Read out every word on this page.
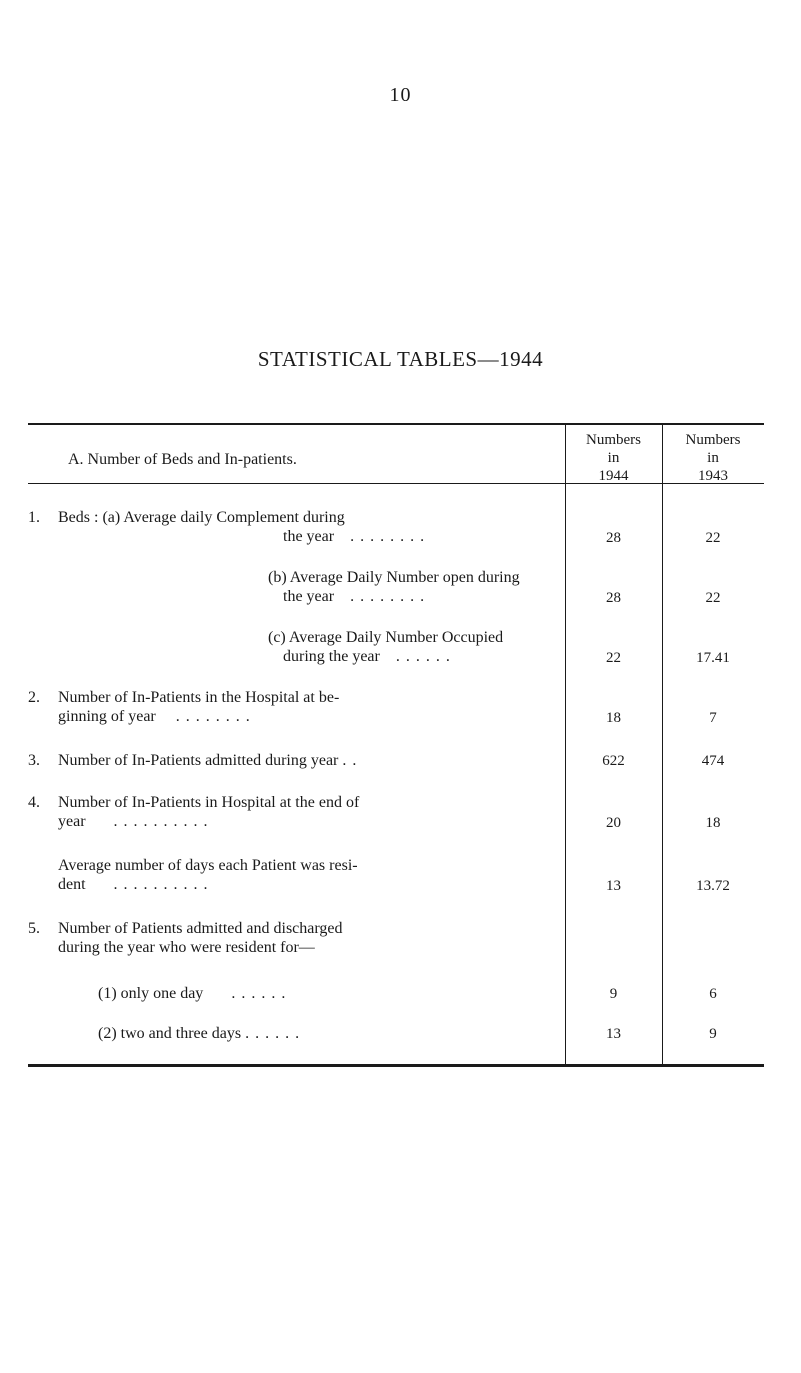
10
STATISTICAL TABLES—1944
A. Number of Beds and In-patients.
Numbers
in
1944
Numbers
in
1943
1. Beds : (a) Average daily Complement during
the year . . . . . . . .	28	22
(b) Average Daily Number open during
the year . . . . . . . .	28	22
(c) Average Daily Number Occupied
during the year . . . . . .	22	17.41
2. Number of In-Patients in the Hospital at be-
ginning of year . . . . . . . .	18	7
3. Number of In-Patients admitted during year . .	622	474
4. Number of In-Patients in Hospital at the end of
year . . . . . . . . . .	20	18
Average number of days each Patient was resi-
dent . . . . . . . . . .	13	13.72
5. Number of Patients admitted and discharged
during the year who were resident for—
(1) only one day . . . . . .	9	6
(2) two and three days . . . . . .	13	9
